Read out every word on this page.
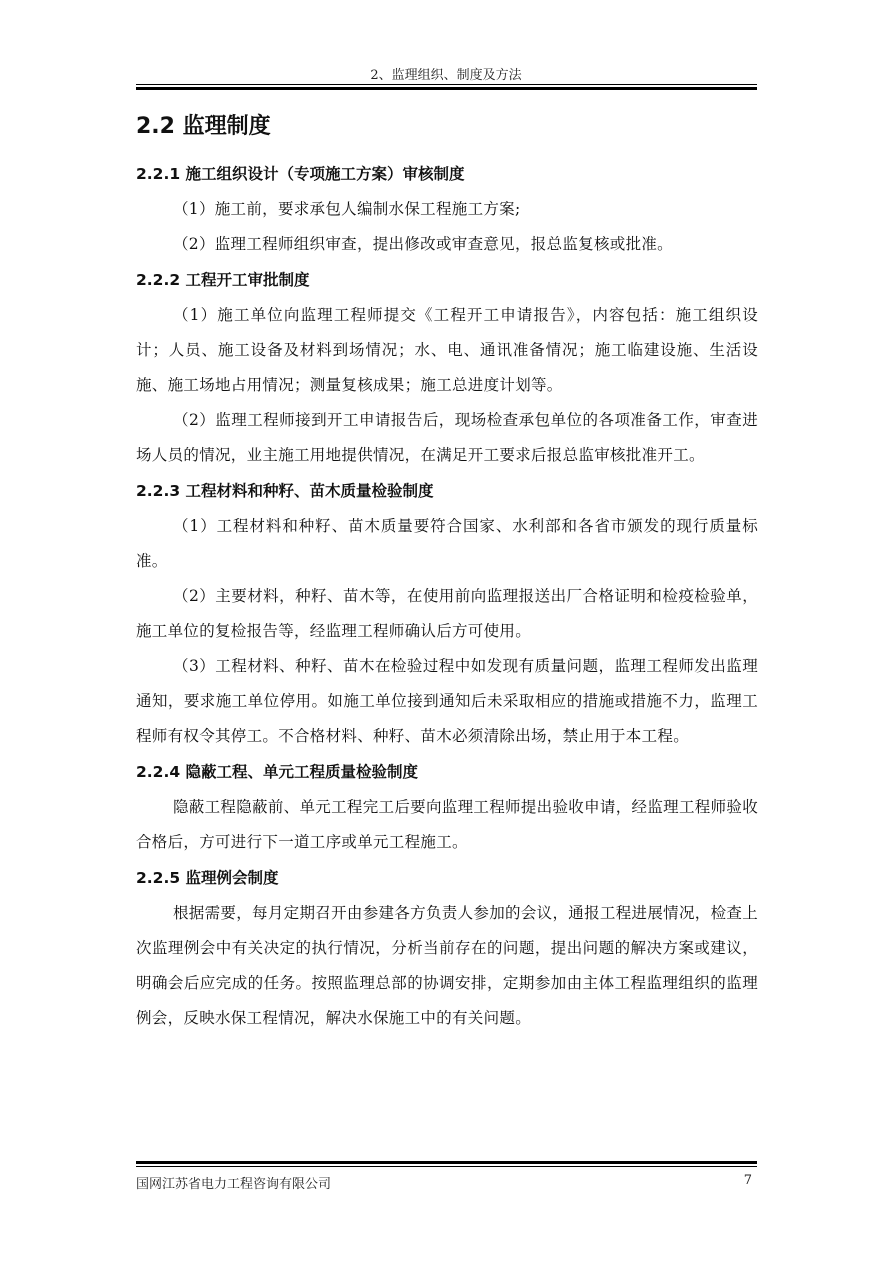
2、监理组织、制度及方法
2.2 监理制度
2.2.1 施工组织设计（专项施工方案）审核制度

（1）施工前，要求承包人编制水保工程施工方案;

（2）监理工程师组织审查，提出修改或审查意见，报总监复核或批准。

2.2.2 工程开工审批制度

（1）施工单位向监理工程师提交《工程开工申请报告》，内容包括：施工组织设计；人员、施工设备及材料到场情况；水、电、通讯准备情况；施工临建设施、生活设施、施工场地占用情况；测量复核成果；施工总进度计划等。

（2）监理工程师接到开工申请报告后，现场检查承包单位的各项准备工作，审查进场人员的情况，业主施工用地提供情况，在满足开工要求后报总监审核批准开工。

2.2.3 工程材料和种籽、苗木质量检验制度

（1）工程材料和种籽、苗木质量要符合国家、水利部和各省市颁发的现行质量标准。

（2）主要材料，种籽、苗木等，在使用前向监理报送出厂合格证明和检疫检验单，施工单位的复检报告等，经监理工程师确认后方可使用。

（3）工程材料、种籽、苗木在检验过程中如发现有质量问题，监理工程师发出监理通知，要求施工单位停用。如施工单位接到通知后未采取相应的措施或措施不力，监理工程师有权令其停工。不合格材料、种籽、苗木必须清除出场，禁止用于本工程。

2.2.4 隐蔽工程、单元工程质量检验制度

隐蔽工程隐蔽前、单元工程完工后要向监理工程师提出验收申请，经监理工程师验收合格后，方可进行下一道工序或单元工程施工。

2.2.5 监理例会制度

根据需要，每月定期召开由参建各方负责人参加的会议，通报工程进展情况，检查上次监理例会中有关决定的执行情况，分析当前存在的问题，提出问题的解决方案或建议，明确会后应完成的任务。按照监理总部的协调安排，定期参加由主体工程监理组织的监理例会，反映水保工程情况，解决水保施工中的有关问题。

国网江苏省电力工程咨询有限公司	7
